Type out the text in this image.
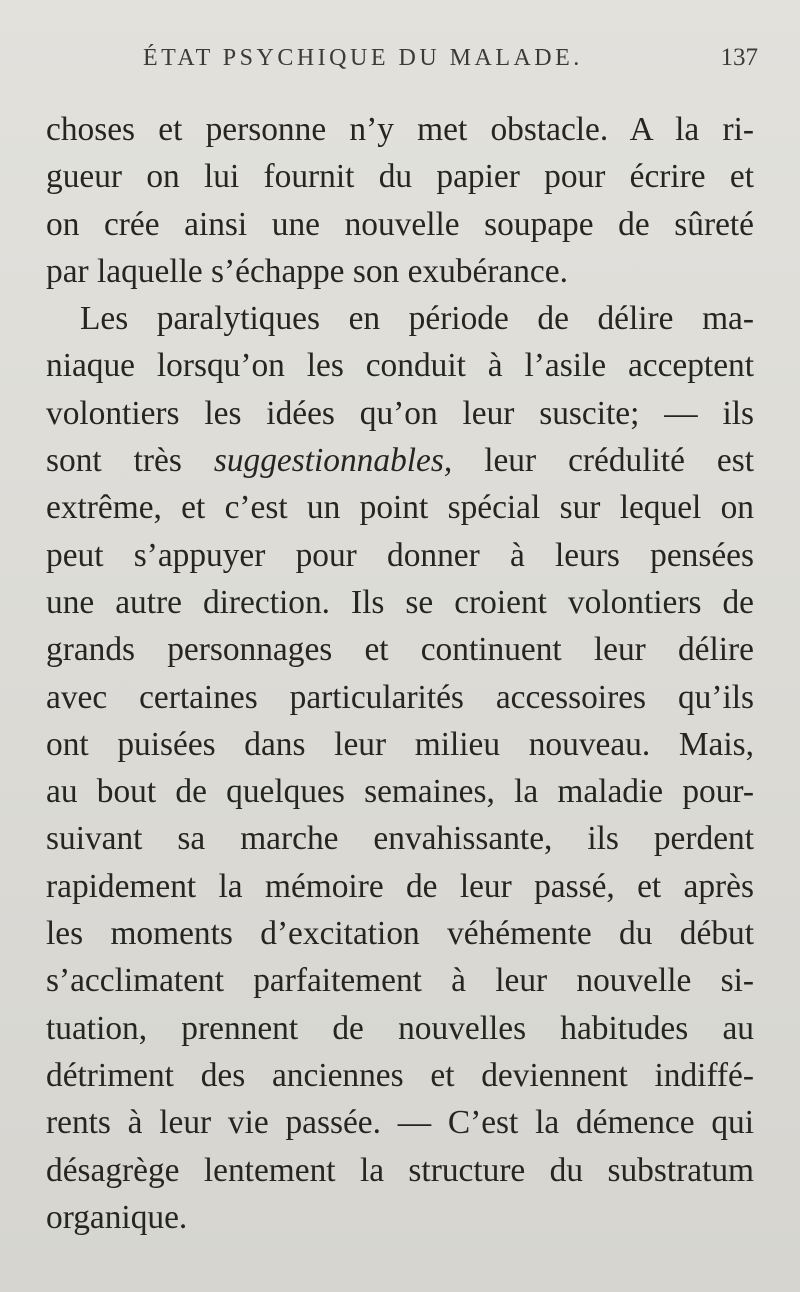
ÉTAT PSYCHIQUE DU MALADE.	137
choses et personne n’y met obstacle. A la ri-
gueur on lui fournit du papier pour écrire et
on crée ainsi une nouvelle soupape de sûreté
par laquelle s’échappe son exubérance.
Les paralytiques en période de délire ma-
niaque lorsqu’on les conduit à l’asile acceptent
volontiers les idées qu’on leur suscite; — ils
sont très suggestionnables, leur crédulité est
extrême, et c’est un point spécial sur lequel on
peut s’appuyer pour donner à leurs pensées
une autre direction. Ils se croient volontiers de
grands personnages et continuent leur délire
avec certaines particularités accessoires qu’ils
ont puisées dans leur milieu nouveau. Mais,
au bout de quelques semaines, la maladie pour-
suivant sa marche envahissante, ils perdent
rapidement la mémoire de leur passé, et après
les moments d’excitation véhémente du début
s’acclimatent parfaitement à leur nouvelle si-
tuation, prennent de nouvelles habitudes au
détriment des anciennes et deviennent indiffé-
rents à leur vie passée. — C’est la démence qui
désagrège lentement la structure du substratum
organique.
